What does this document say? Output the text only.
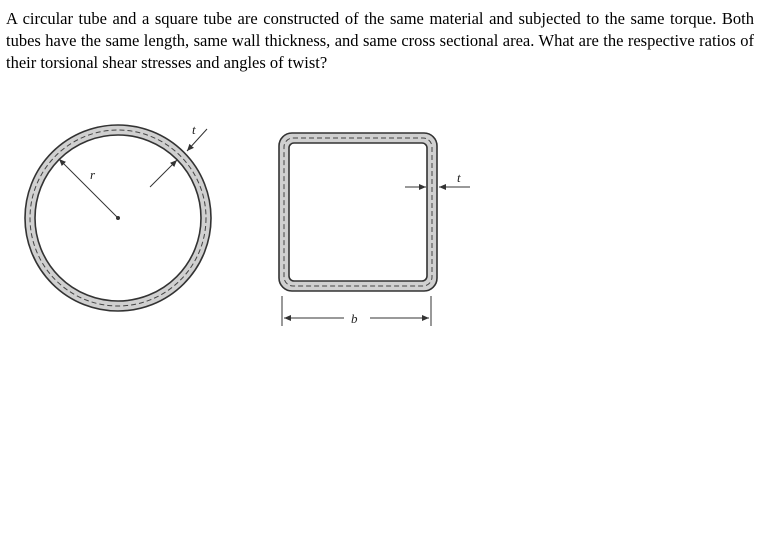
A circular tube and a square tube are constructed of the same material and subjected to the same torque. Both tubes have the same length, same wall thickness, and same cross sectional area. What are the respective ratios of their torsional shear stresses and angles of twist?

r
t
t
b
